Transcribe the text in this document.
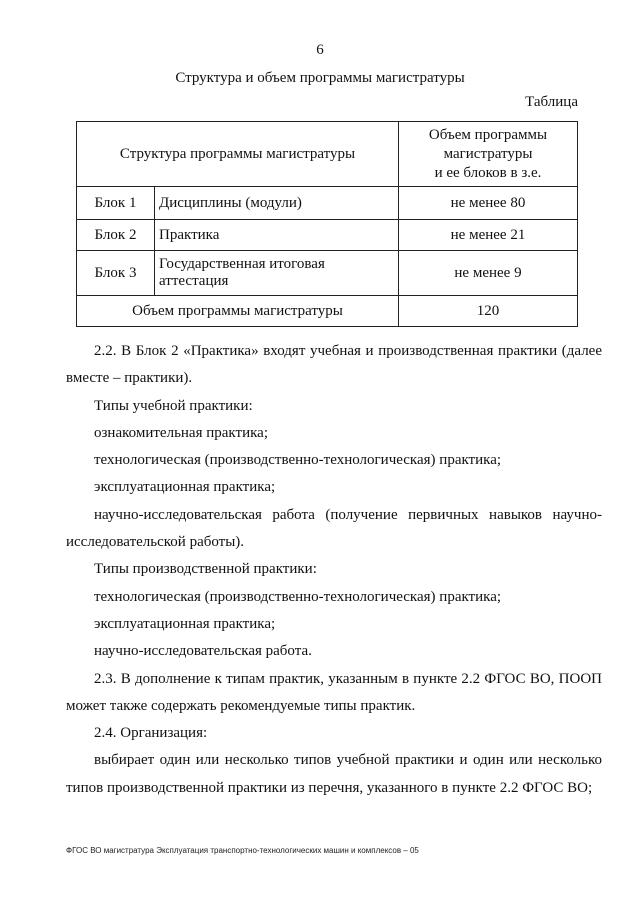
6
Структура и объем программы магистратуры
Таблица
Структура программы магистратуры		Объем программы
магистратуры
и ее блоков в з.е.
Блок 1	Дисциплины (модули)	не менее 80
Блок 2	Практика	не менее 21
Блок 3	Государственная итоговая аттестация	не менее 9
Объем программы магистратуры		120

2.2. В Блок 2 «Практика» входят учебная и производственная практики (далее вместе – практики).

Типы учебной практики:

ознакомительная практика;

технологическая (производственно-технологическая) практика;

эксплуатационная практика;

научно-исследовательская работа (получение первичных навыков научно-исследовательской работы).

Типы производственной практики:

технологическая (производственно-технологическая) практика;

эксплуатационная практика;

научно-исследовательская работа.

2.3. В дополнение к типам практик, указанным в пункте 2.2 ФГОС ВО, ПООП может также содержать рекомендуемые типы практик.

2.4. Организация:

выбирает один или несколько типов учебной практики и один или несколько типов производственной практики из перечня, указанного в пункте 2.2 ФГОС ВО;

ФГОС ВО магистратура Эксплуатация транспортно-технологических машин и комплексов – 05
